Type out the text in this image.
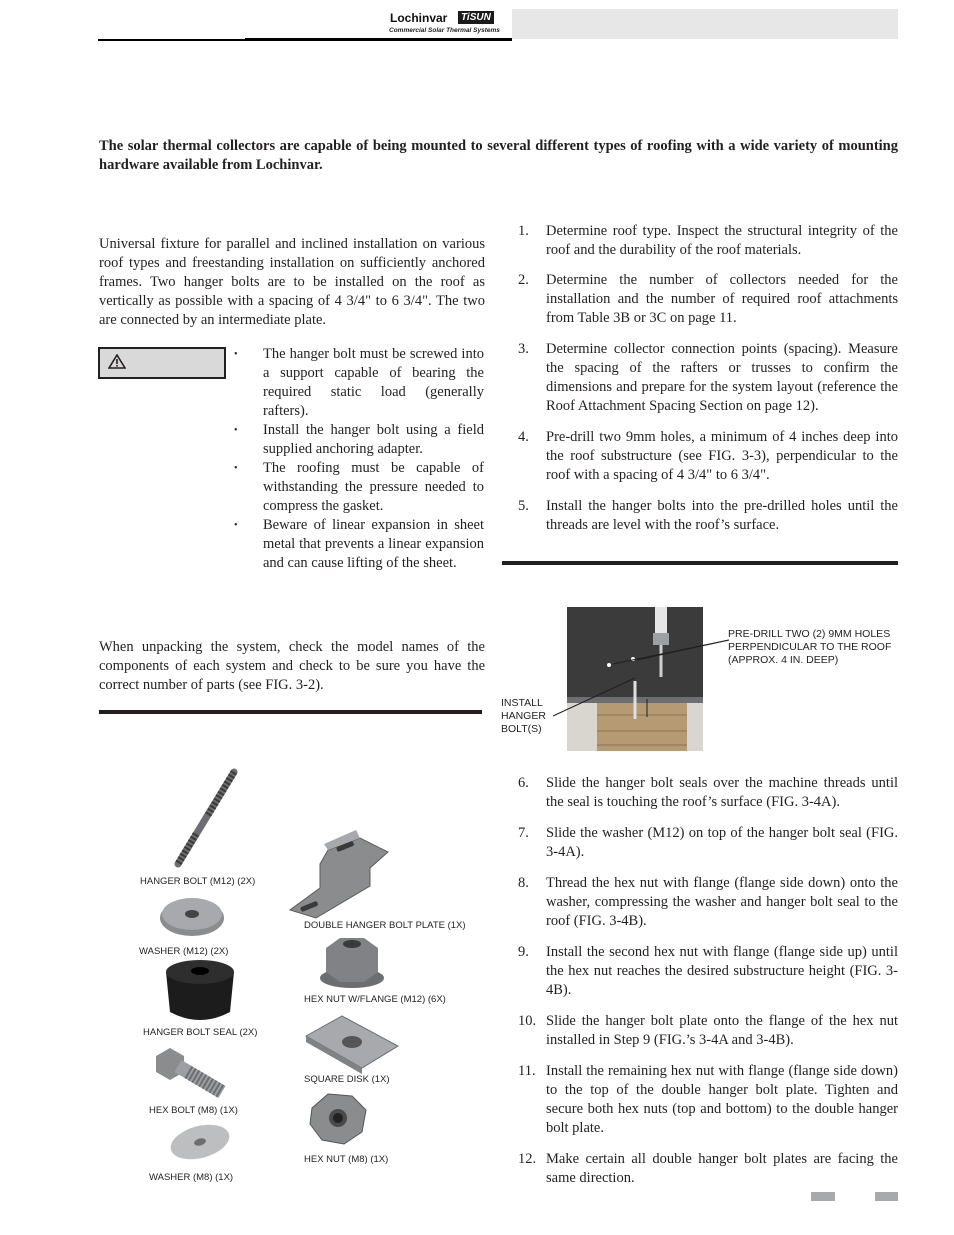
Lochinvar	TiSUN
Commercial Solar Thermal Systems
The solar thermal collectors are capable of being mounted to several different types of roofing with a wide variety of mounting hardware available from Lochinvar.

Universal fixture for parallel and inclined installation on various roof types and freestanding installation on sufficiently anchored frames. Two hanger bolts are to be installed on the roof as vertically as possible with a spacing of 4 3/4" to 6 3/4". The two are connected by an intermediate plate.

• The hanger bolt must be screwed into a support capable of bearing the required static load (generally rafters).
• Install the hanger bolt using a field supplied anchoring adapter.
• The roofing must be capable of withstanding the pressure needed to compress the gasket.
• Beware of linear expansion in sheet metal that prevents a linear expansion and can cause lifting of the sheet.

When unpacking the system, check the model names of the components of each system and check to be sure you have the correct number of parts (see FIG. 3-2).

HANGER BOLT (M12) (2X)
WASHER (M12) (2X)
HANGER BOLT SEAL (2X)
HEX BOLT (M8) (1X)
WASHER (M8) (1X)
DOUBLE HANGER BOLT PLATE (1X)
HEX NUT W/FLANGE (M12) (6X)
SQUARE DISK (1X)
HEX NUT (M8) (1X)
1. Determine roof type. Inspect the structural integrity of the roof and the durability of the roof materials.
2. Determine the number of collectors needed for the installation and the number of required roof attachments from Table 3B or 3C on page 11.
3. Determine collector connection points (spacing). Measure the spacing of the rafters or trusses to confirm the dimensions and prepare for the system layout (reference the Roof Attachment Spacing Section on page 12).
4. Pre-drill two 9mm holes, a minimum of 4 inches deep into the roof substructure (see FIG. 3-3), perpendicular to the roof with a spacing of 4 3/4" to 6 3/4".
5. Install the hanger bolts into the pre-drilled holes until the threads are level with the roof’s surface.
PRE-DRILL TWO (2) 9MM HOLES PERPENDICULAR TO THE ROOF (APPROX. 4 IN. DEEP)
INSTALL HANGER BOLT(S)
6. Slide the hanger bolt seals over the machine threads until the seal is touching the roof’s surface (FIG. 3-4A).
7. Slide the washer (M12) on top of the hanger bolt seal (FIG. 3-4A).
8. Thread the hex nut with flange (flange side down) onto the washer, compressing the washer and hanger bolt seal to the roof (FIG. 3-4B).
9. Install the second hex nut with flange (flange side up) until the hex nut reaches the desired substructure height (FIG. 3-4B).
10. Slide the hanger bolt plate onto the flange of the hex nut installed in Step 9 (FIG.’s 3-4A and 3-4B).
11. Install the remaining hex nut with flange (flange side down) to the top of the double hanger bolt plate. Tighten and secure both hex nuts (top and bottom) to the double hanger bolt plate.
12. Make certain all double hanger bolt plates are facing the same direction.
